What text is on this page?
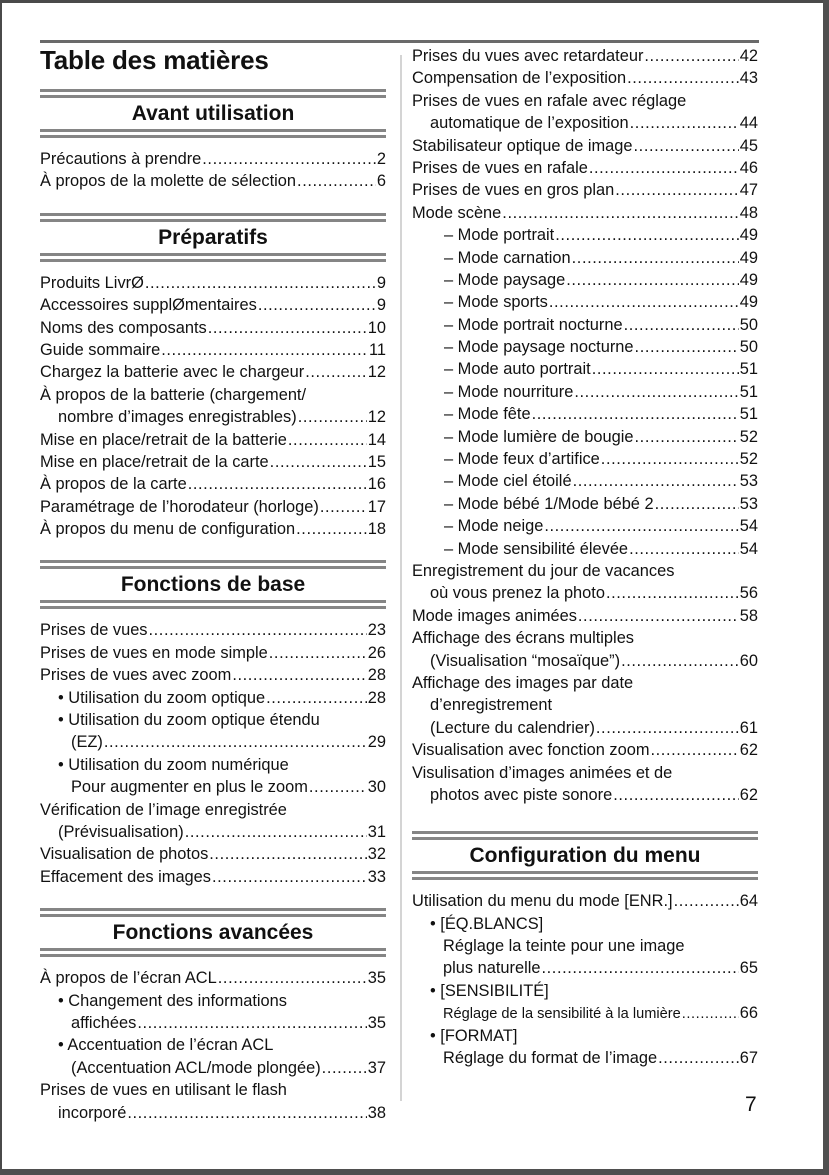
Table des matières
Avant utilisation
Précautions à prendre .....	2
À propos de la molette de sélection .....	6
Préparatifs
Produits LivrØ .....	9
Accessoires supplØmentaires .....	9
Noms des composants .....	10
Guide sommaire .....	11
Chargez la batterie avec le chargeur .....	12
À propos de la batterie (chargement/
nombre d’images enregistrables) .....	12
Mise en place/retrait de la batterie .....	14
Mise en place/retrait de la carte .....	15
À propos de la carte .....	16
Paramétrage de l’horodateur (horloge) .....	17
À propos du menu de configuration .....	18
Fonctions de base
Prises de vues .....	23
Prises de vues en mode simple .....	26
Prises de vues avec zoom .....	28
• Utilisation du zoom optique .....	28
• Utilisation du zoom optique étendu
(EZ) .....	29
• Utilisation du zoom numérique
Pour augmenter en plus le zoom .....	30
Vérification de l’image enregistrée
(Prévisualisation) .....	31
Visualisation de photos .....	32
Effacement des images .....	33
Fonctions avancées
À propos de l’écran ACL .....	35
• Changement des informations
affichées .....	35
• Accentuation de l’écran ACL
(Accentuation ACL/mode plongée) .....	37
Prises de vues en utilisant le flash
incorporé .....	38
Prises du vues avec retardateur .....	42
Compensation de l’exposition .....	43
Prises de vues en rafale avec réglage
automatique de l’exposition .....	44
Stabilisateur optique de image .....	45
Prises de vues en rafale .....	46
Prises de vues en gros plan .....	47
Mode scène .....	48
– Mode portrait .....	49
– Mode carnation .....	49
– Mode paysage .....	49
– Mode sports .....	49
– Mode portrait nocturne .....	50
– Mode paysage nocturne .....	50
– Mode auto portrait .....	51
– Mode nourriture .....	51
– Mode fête .....	51
– Mode lumière de bougie .....	52
– Mode feux d’artifice .....	52
– Mode ciel étoilé .....	53
– Mode bébé 1/Mode bébé 2 .....	53
– Mode neige .....	54
– Mode sensibilité élevée .....	54
Enregistrement du jour de vacances
où vous prenez la photo .....	56
Mode images animées .....	58
Affichage des écrans multiples
(Visualisation “mosaïque”) .....	60
Affichage des images par date
d’enregistrement
(Lecture du calendrier) .....	61
Visualisation avec fonction zoom .....	62
Visulisation d’images animées et de
photos avec piste sonore .....	62
Configuration du menu
Utilisation du menu du mode [ENR.] .....	64
• [ÉQ.BLANCS]
Réglage la teinte pour une image
plus naturelle .....	65
• [SENSIBILITÉ]
Réglage de la sensibilité à la lumière .....	66
• [FORMAT]
Réglage du format de l’image .....	67
7
